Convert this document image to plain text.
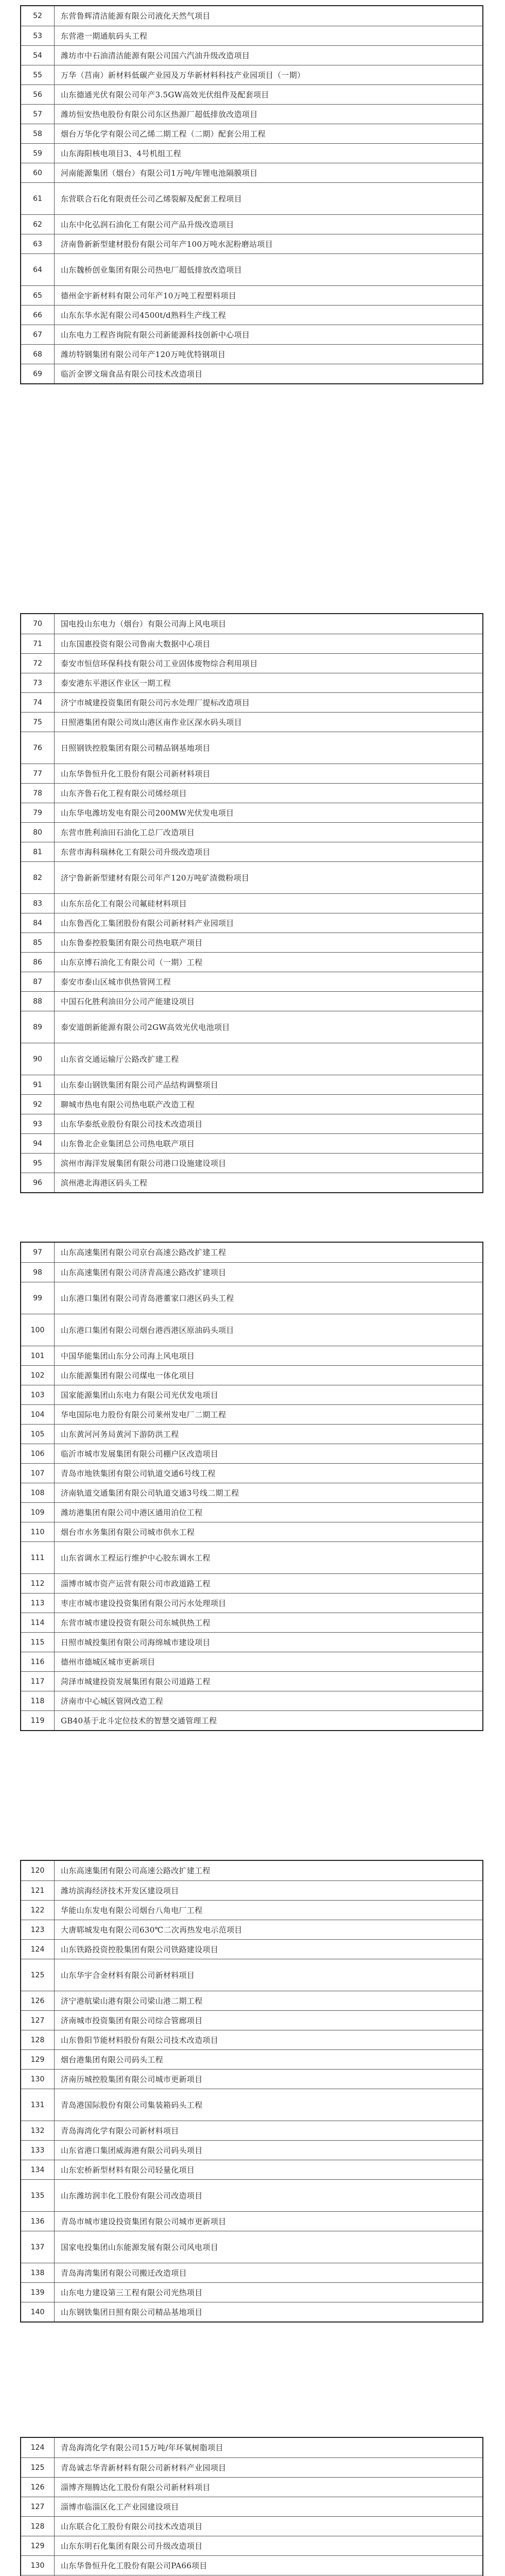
52	东营鲁辉清洁能源有限公司液化天然气项目
53	东营港一期通航码头工程
54	潍坊市中石油清洁能源有限公司国六汽油升级改造项目
55	万华（莒南）新材料低碳产业园及万华新材料科技产业园项目（一期）
56	山东德通光伏有限公司年产3.5GW高效光伏组件及配套项目
57	潍坊恒安热电股份有限公司东区热源厂超低排放改造项目
58	烟台万华化学有限公司乙烯二期工程（二期）配套公用工程
59	山东海阳核电项目3、4号机组工程
60	河南能源集团（烟台）有限公司1万吨/年锂电池隔膜项目
61	东营联合石化有限责任公司乙烯裂解及配套工程项目
62	山东中化弘润石油化工有限公司产品升级改造项目
63	济南鲁新新型建材股份有限公司年产100万吨水泥粉磨站项目
64	山东魏桥创业集团有限公司热电厂超低排放改造项目
65	德州金宇新材料有限公司年产10万吨工程塑料项目
66	山东东华水泥有限公司4500t/d熟料生产线工程
67	山东电力工程咨询院有限公司新能源科技创新中心项目
68	潍坊特钢集团有限公司年产120万吨优特钢项目
69	临沂金锣文瑞食品有限公司技术改造项目
70	国电投山东电力（烟台）有限公司海上风电项目
71	山东国惠投资有限公司鲁南大数据中心项目
72	泰安市恒信环保科技有限公司工业固体废物综合利用项目
73	泰安港东平港区作业区一期工程
74	济宁市城建投资集团有限公司污水处理厂提标改造项目
75	日照港集团有限公司岚山港区南作业区深水码头项目
76	日照钢铁控股集团有限公司精品钢基地项目
77	山东华鲁恒升化工股份有限公司新材料项目
78	山东齐鲁石化工程有限公司烯烃项目
79	山东华电潍坊发电有限公司200MW光伏发电项目
80	东营市胜利油田石油化工总厂改造项目
81	东营市海科瑞林化工有限公司升级改造项目
82	济宁鲁新新型建材有限公司年产120万吨矿渣微粉项目
83	山东东岳化工有限公司氟硅材料项目
84	山东鲁西化工集团股份有限公司新材料产业园项目
85	山东鲁泰控股集团有限公司热电联产项目
86	山东京博石油化工有限公司（一期）工程
87	泰安市泰山区城市供热管网工程
88	中国石化胜利油田分公司产能建设项目
89	泰安道朗新能源有限公司2GW高效光伏电池项目
90	山东省交通运输厅公路改扩建工程
91	山东泰山钢铁集团有限公司产品结构调整项目
92	聊城市热电有限公司热电联产改造工程
93	山东华泰纸业股份有限公司技术改造项目
94	山东鲁北企业集团总公司热电联产项目
95	滨州市海洋发展集团有限公司港口设施建设项目
96	滨州港北海港区码头工程
97	山东高速集团有限公司京台高速公路改扩建工程
98	山东高速集团有限公司济青高速公路改扩建项目
99	山东港口集团有限公司青岛港董家口港区码头工程
100	山东港口集团有限公司烟台港西港区原油码头项目
101	中国华能集团山东分公司海上风电项目
102	山东能源集团有限公司煤电一体化项目
103	国家能源集团山东电力有限公司光伏发电项目
104	华电国际电力股份有限公司莱州发电厂二期工程
105	山东黄河河务局黄河下游防洪工程
106	临沂市城市发展集团有限公司棚户区改造项目
107	青岛市地铁集团有限公司轨道交通6号线工程
108	济南轨道交通集团有限公司轨道交通3号线二期工程
109	潍坊港集团有限公司中港区通用泊位工程
110	烟台市水务集团有限公司城市供水工程
111	山东省调水工程运行维护中心胶东调水工程
112	淄博市城市资产运营有限公司市政道路工程
113	枣庄市城市建设投资集团有限公司污水处理项目
114	东营市城市建设投资有限公司东城供热工程
115	日照市城投集团有限公司海绵城市建设项目
116	德州市德城区城市更新项目
117	菏泽市城建投资发展集团有限公司道路工程
118	济南市中心城区管网改造工程
119	GB40基于北斗定位技术的智慧交通管理工程
120	山东高速集团有限公司高速公路改扩建工程
121	潍坊滨海经济技术开发区建设项目
122	华能山东发电有限公司烟台八角电厂工程
123	大唐郓城发电有限公司630℃二次再热发电示范项目
124	山东铁路投资控股集团有限公司铁路建设项目
125	山东华宇合金材料有限公司新材料项目
126	济宁港航梁山港有限公司梁山港二期工程
127	济南城市投资集团有限公司综合管廊项目
128	山东鲁阳节能材料股份有限公司技术改造项目
129	烟台港集团有限公司码头工程
130	济南历城控股集团有限公司城市更新项目
131	青岛港国际股份有限公司集装箱码头工程
132	青岛海湾化学有限公司新材料项目
133	山东省港口集团威海港有限公司码头项目
134	山东宏桥新型材料有限公司轻量化项目
135	山东潍坊润丰化工股份有限公司改造项目
136	青岛市城市建设投资集团有限公司城市更新项目
137	国家电投集团山东能源发展有限公司风电项目
138	青岛海湾集团有限公司搬迁改造项目
139	山东电力建设第三工程有限公司光热项目
140	山东钢铁集团日照有限公司精品基地项目
124	青岛海湾化学有限公司15万吨/年环氧树脂项目
125	青岛诚志华青新材料有限公司新材料产业园项目
126	淄博齐翔腾达化工股份有限公司新材料项目
127	淄博市临淄区化工产业园建设项目
128	山东联合化工股份有限公司技术改造项目
129	山东东明石化集团有限公司升级改造项目
130	山东华鲁恒升化工股份有限公司PA66项目
